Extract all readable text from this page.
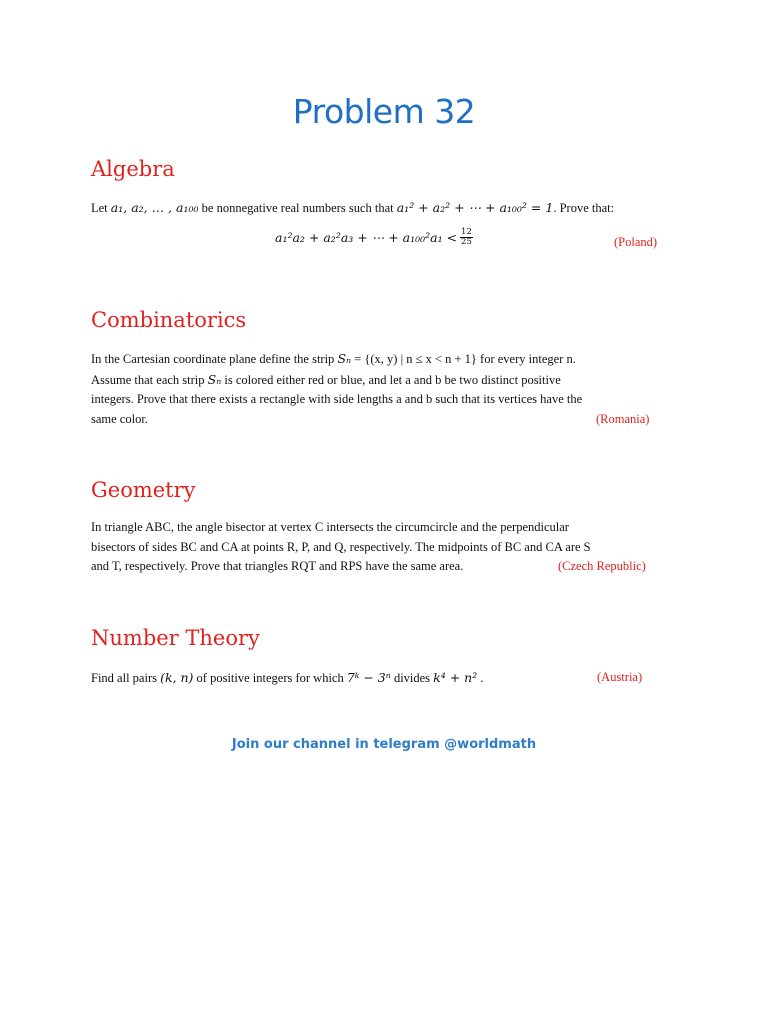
Problem 32
Algebra
Let a₁, a₂, … , a₁₀₀ be nonnegative real numbers such that a₁² + a₂² + ⋯ + a₁₀₀² = 1. Prove that:
a₁²a₂ + a₂²a₃ + ⋯ + $a_{100}^2a_1 < \frac{12}{25}$	(Poland)
Combinatorics
In the Cartesian coordinate plane define the strip Sₙ = {(x, y) | n ≤ x < n + 1} for every integer n.
Assume that each strip Sₙ is colored either red or blue, and let a and b be two distinct positive
integers. Prove that there exists a rectangle with side lengths a and b such that its vertices have the
same color.	(Romania)
Geometry
In triangle ABC, the angle bisector at vertex C intersects the circumcircle and the perpendicular
bisectors of sides BC and CA at points R, P, and Q, respectively. The midpoints of BC and CA are S
and T, respectively. Prove that triangles RQT and RPS have the same area.	(Czech Republic)
Number Theory
Find all pairs (k, n) of positive integers for which 7ᵏ − 3ⁿ divides k⁴ + n² .	(Austria)
Join our channel in telegram @worldmath
